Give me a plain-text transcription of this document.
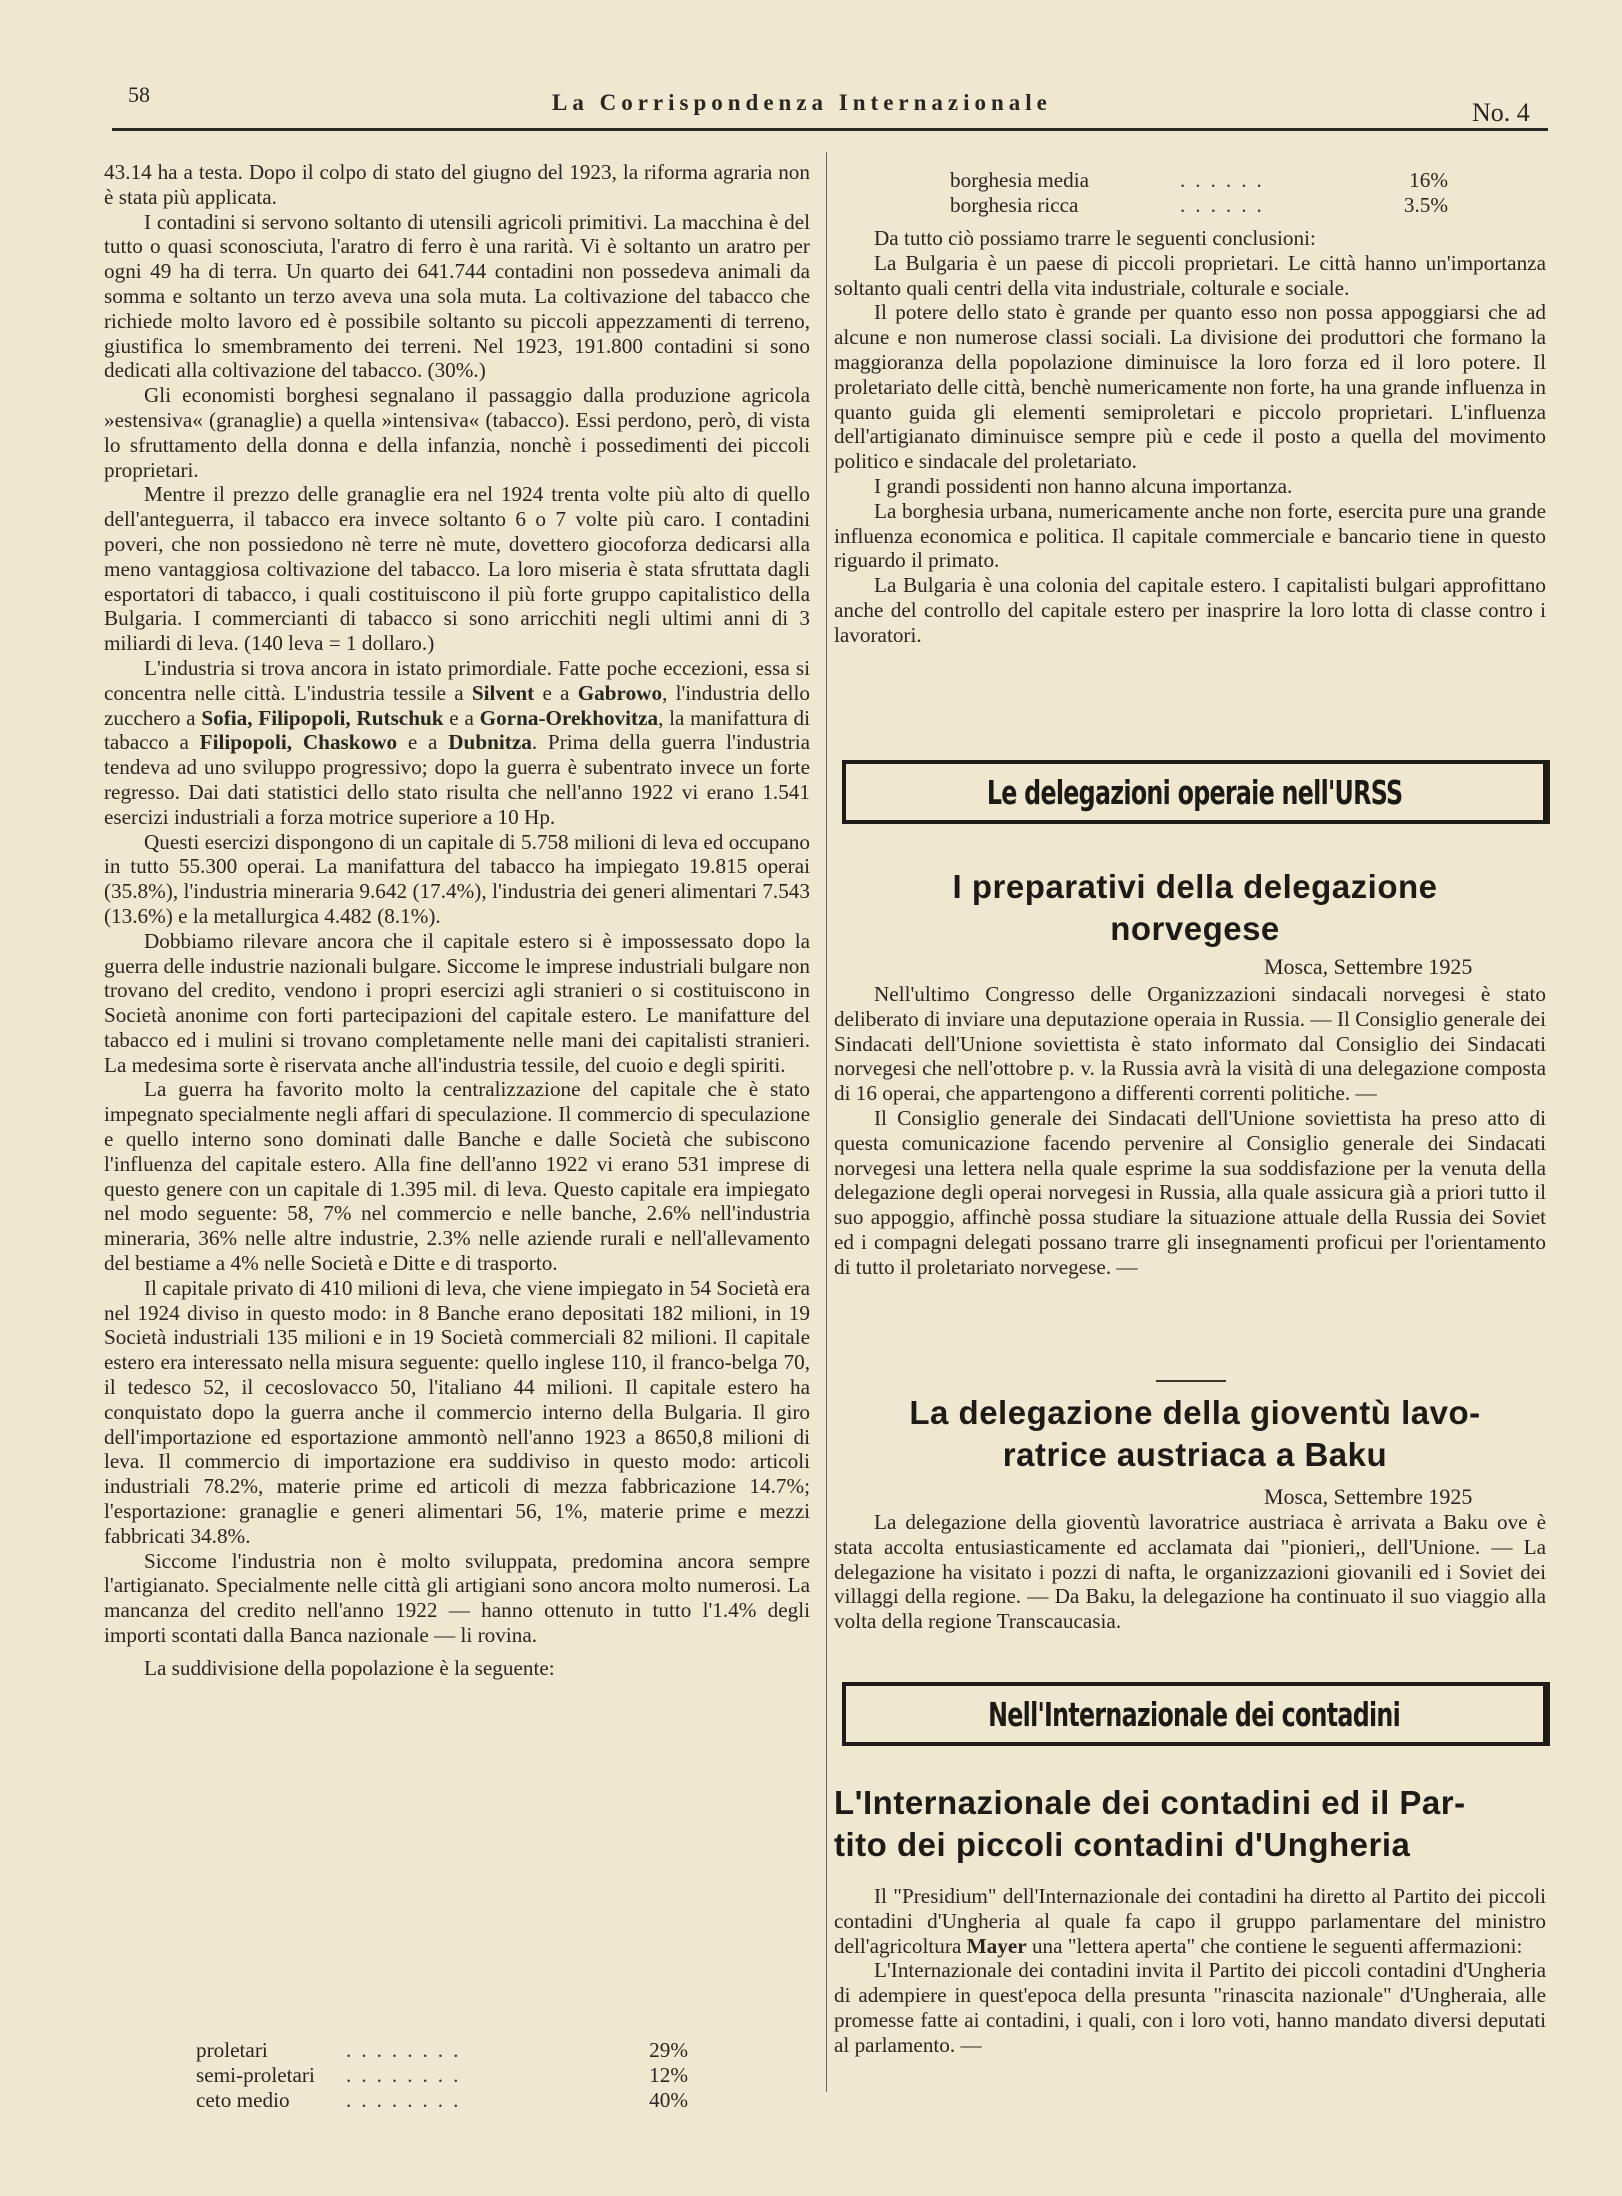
58	La Corrispondenza Internazionale	No. 4

43.14 ha a testa. Dopo il colpo di stato del giugno del 1923, la riforma agraria non è stata più applicata.

I contadini si servono soltanto di utensili agricoli primitivi. La macchina è del tutto o quasi sconosciuta, l'aratro di ferro è una rarità. Vi è soltanto un aratro per ogni 49 ha di terra. Un quarto dei 641.744 contadini non possedeva animali da somma e soltanto un terzo aveva una sola muta. La coltivazione del tabacco che richiede molto lavoro ed è possibile soltanto su piccoli appezzamenti di terreno, giustifica lo smembramento dei terreni. Nel 1923, 191.800 contadini si sono dedicati alla coltivazione del tabacco. (30%.)

Gli economisti borghesi segnalano il passaggio dalla produzione agricola »estensiva« (granaglie) a quella »intensiva« (tabacco). Essi perdono, però, di vista lo sfruttamento della donna e della infanzia, nonchè i possedimenti dei piccoli proprietari.

Mentre il prezzo delle granaglie era nel 1924 trenta volte più alto di quello dell'anteguerra, il tabacco era invece soltanto 6 o 7 volte più caro. I contadini poveri, che non possiedono nè terre nè mute, dovettero giocoforza dedicarsi alla meno vantaggiosa coltivazione del tabacco. La loro miseria è stata sfruttata dagli esportatori di tabacco, i quali costituiscono il più forte gruppo capitalistico della Bulgaria. I commercianti di tabacco si sono arricchiti negli ultimi anni di 3 miliardi di leva. (140 leva = 1 dollaro.)

L'industria si trova ancora in istato primordiale. Fatte poche eccezioni, essa si concentra nelle città. L'industria tessile a Silvent e a Gabrowo, l'industria dello zucchero a Sofia, Filipopoli, Rutschuk e a Gorna-Orekhovitza, la manifattura di tabacco a Filipopoli, Chaskowo e a Dubnitza. Prima della guerra l'industria tendeva ad uno sviluppo progressivo; dopo la guerra è subentrato invece un forte regresso. Dai dati statistici dello stato risulta che nell'anno 1922 vi erano 1.541 esercizi industriali a forza motrice superiore a 10 Hp.

Questi esercizi dispongono di un capitale di 5.758 milioni di leva ed occupano in tutto 55.300 operai. La manifattura del tabacco ha impiegato 19.815 operai (35.8%), l'industria mineraria 9.642 (17.4%), l'industria dei generi alimentari 7.543 (13.6%) e la metallurgica 4.482 (8.1%).

Dobbiamo rilevare ancora che il capitale estero si è impossessato dopo la guerra delle industrie nazionali bulgare. Siccome le imprese industriali bulgare non trovano del credito, vendono i propri esercizi agli stranieri o si costituiscono in Società anonime con forti partecipazioni del capitale estero. Le manifatture del tabacco ed i mulini si trovano completamente nelle mani dei capitalisti stranieri. La medesima sorte è riservata anche all'industria tessile, del cuoio e degli spiriti.

La guerra ha favorito molto la centralizzazione del capitale che è stato impegnato specialmente negli affari di speculazione. Il commercio di speculazione e quello interno sono dominati dalle Banche e dalle Società che subiscono l'influenza del capitale estero. Alla fine dell'anno 1922 vi erano 531 imprese di questo genere con un capitale di 1.395 mil. di leva. Questo capitale era impiegato nel modo seguente: 58, 7% nel commercio e nelle banche, 2.6% nell'industria mineraria, 36% nelle altre industrie, 2.3% nelle aziende rurali e nell'allevamento del bestiame a 4% nelle Società e Ditte e di trasporto.

Il capitale privato di 410 milioni di leva, che viene impiegato in 54 Società era nel 1924 diviso in questo modo: in 8 Banche erano depositati 182 milioni, in 19 Società industriali 135 milioni e in 19 Società commerciali 82 milioni. Il capitale estero era interessato nella misura seguente: quello inglese 110, il franco-belga 70, il tedesco 52, il cecoslovacco 50, l'italiano 44 milioni. Il capitale estero ha conquistato dopo la guerra anche il commercio interno della Bulgaria. Il giro dell'importazione ed esportazione ammontò nell'anno 1923 a 8650,8 milioni di leva. Il commercio di importazione era suddiviso in questo modo: articoli industriali 78.2%, materie prime ed articoli di mezza fabbricazione 14.7%; l'esportazione: granaglie e generi alimentari 56, 1%, materie prime e mezzi fabbricati 34.8%.

Siccome l'industria non è molto sviluppata, predomina ancora sempre l'artigianato. Specialmente nelle città gli artigiani sono ancora molto numerosi. La mancanza del credito nell'anno 1922 — hanno ottenuto in tutto l'1.4% degli importi scontati dalla Banca nazionale — li rovina.

La suddivisione della popolazione è la seguente:

proletari	........	29%
semi-proletari ........	12%
ceto medio	........	40%
borghesia media	......	16%
borghesia ricca	......	3.5%

Da tutto ciò possiamo trarre le seguenti conclusioni:

La Bulgaria è un paese di piccoli proprietari. Le città hanno un'importanza soltanto quali centri della vita industriale, colturale e sociale.

Il potere dello stato è grande per quanto esso non possa appoggiarsi che ad alcune e non numerose classi sociali. La divisione dei produttori che formano la maggioranza della popolazione diminuisce la loro forza ed il loro potere. Il proletariato delle città, benchè numericamente non forte, ha una grande influenza in quanto guida gli elementi semiproletari e piccolo proprietari. L'influenza dell'artigianato diminuisce sempre più e cede il posto a quella del movimento politico e sindacale del proletariato.

I grandi possidenti non hanno alcuna importanza.

La borghesia urbana, numericamente anche non forte, esercita pure una grande influenza economica e politica. Il capitale commerciale e bancario tiene in questo riguardo il primato.

La Bulgaria è una colonia del capitale estero. I capitalisti bulgari approfittano anche del controllo del capitale estero per inasprire la loro lotta di classe contro i lavoratori.

Le delegazioni operaie nell'URSS
I preparativi della delegazione
norvegese
Mosca, Settembre 1925

Nell'ultimo Congresso delle Organizzazioni sindacali norvegesi è stato deliberato di inviare una deputazione operaia in Russia. — Il Consiglio generale dei Sindacati dell'Unione soviettista è stato informato dal Consiglio dei Sindacati norvegesi che nell'ottobre p. v. la Russia avrà la visità di una delegazione composta di 16 operai, che appartengono a differenti correnti politiche. —

Il Consiglio generale dei Sindacati dell'Unione soviettista ha preso atto di questa comunicazione facendo pervenire al Consiglio generale dei Sindacati norvegesi una lettera nella quale esprime la sua soddisfazione per la venuta della delegazione degli operai norvegesi in Russia, alla quale assicura già a priori tutto il suo appoggio, affinchè possa studiare la situazione attuale della Russia dei Soviet ed i compagni delegati possano trarre gli insegnamenti proficui per l'orientamento di tutto il proletariato norvegese. —

La delegazione della gioventù lavo-
ratrice austriaca a Baku
Mosca, Settembre 1925

La delegazione della gioventù lavoratrice austriaca è arrivata a Baku ove è stata accolta entusiasticamente ed acclamata dai "pionieri,, dell'Unione. — La delegazione ha visitato i pozzi di nafta, le organizzazioni giovanili ed i Soviet dei villaggi della regione. — Da Baku, la delegazione ha continuato il suo viaggio alla volta della regione Transcaucasia.

Nell'Internazionale dei contadini
L'Internazionale dei contadini ed il Par-
tito dei piccoli contadini d'Ungheria

Il "Presidium" dell'Internazionale dei contadini ha diretto al Partito dei piccoli contadini d'Ungheria al quale fa capo il gruppo parlamentare del ministro dell'agricoltura Mayer una "lettera aperta" che contiene le seguenti affermazioni:

L'Internazionale dei contadini invita il Partito dei piccoli contadini d'Ungheria di adempiere in quest'epoca della presunta "rinascita nazionale" d'Ungheraia, alle promesse fatte ai contadini, i quali, con i loro voti, hanno mandato diversi deputati al parlamento. —
